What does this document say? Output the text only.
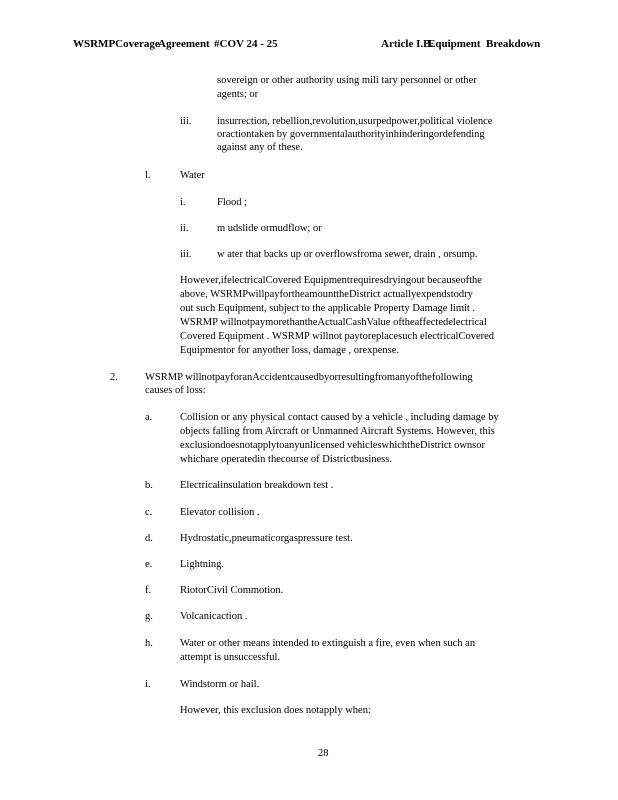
WSRMPCoverage
Agreement #COV 24 - 25	Article I.B.
Equipment Breakdown
sovereign or other authority using mili tary personnel or other
agents; or
iii. insurrection, rebellion,revolution,usurpedpower,political violence
oractiontaken by governmentalauthorityinhinderingordefending
against any of these.
l.	Water
i.	Flood ;
ii.	m udslide ormudflow; or
iii. w ater that backs up or overflowsfroma sewer, drain , orsump.
However,ifelectricalCovered Equipmentrequiresdryingout becauseofthe
above, WSRMPwillpayfortheamounttheDistrict actuallyexpendstodry
out such Equipment, subject to the applicable Property Damage limit .
WSRMP willnotpaymorethantheActualCashValue oftheaffectedelectrical
Covered Equipment . WSRMP willnot paytoreplacesuch electricalCovered
Equipmentor for anyother loss, damage , orexpense.
2.	WSRMP willnotpayforanAccidentcausedbyorresultingfromanyofthefollowing
causes of loss:
a.	Collision or any physical contact caused by a vehicle , including damage by
objects falling from Aircraft or Unmanned Aircraft Systems. However, this
exclusiondoesnotapplytoanyunlicensed vehicleswhichtheDistrict ownsor
whichare operatedin thecourse of Districtbusiness.
b.	Electricalinsulation breakdown test .
c.	Elevator collision .
d.	Hydrostatic,pneumaticorgaspressure test.
e.	Lightning.
f.	RiotorCivil Commotion.
g.	Volcanicaction .
h.	Water or other means intended to extinguish a fire, even when such an
attempt is unsuccessful.
i.	Windstorm or hail.
However, this exclusion does notapply when:
28
